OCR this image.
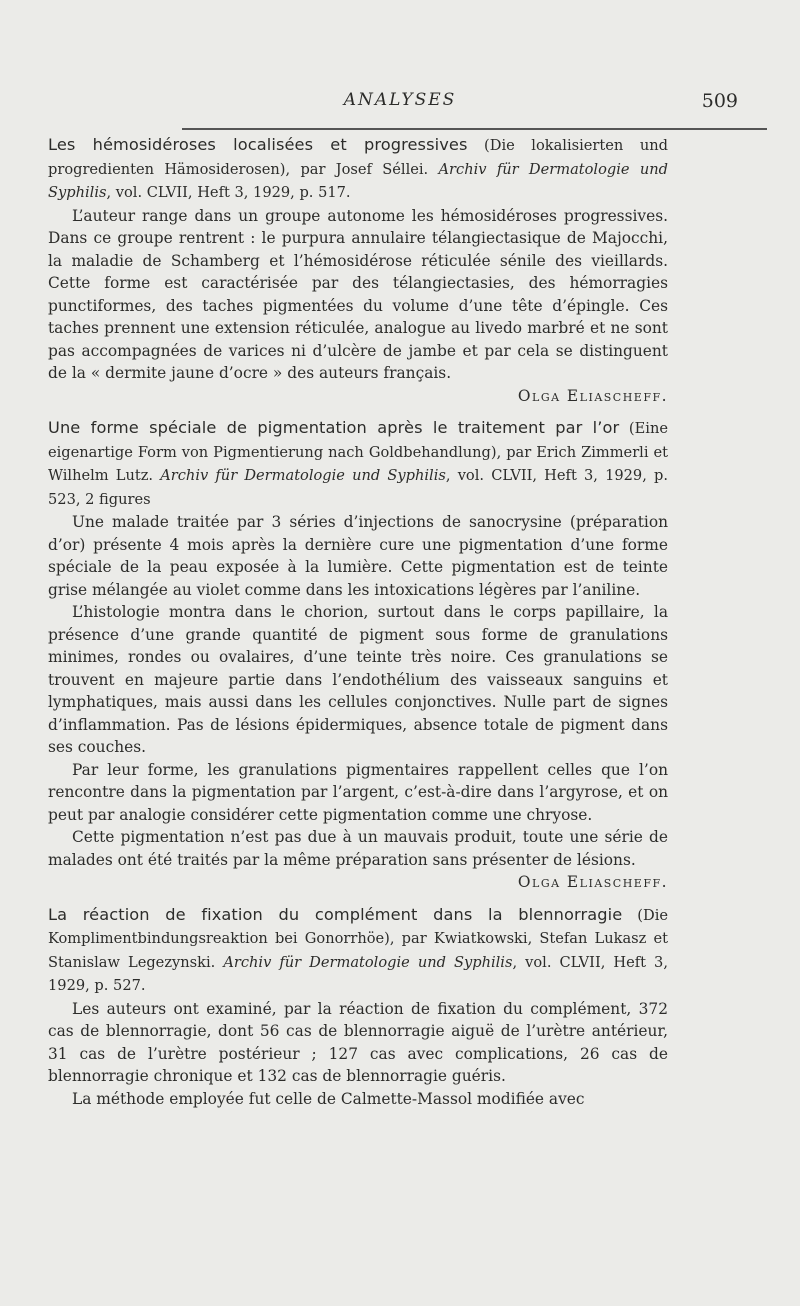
ANALYSES	509

Les hémosidéroses localisées et progressives (Die lokalisierten und progredienten Hämosiderosen), par Josef Séllei. Archiv für Dermatologie und Syphilis, vol. CLVII, Heft 3, 1929, p. 517.

L’auteur range dans un groupe autonome les hémosidéroses progressives. Dans ce groupe rentrent : le purpura annulaire télangiectasique de Majocchi, la maladie de Schamberg et l’hémosidérose réticulée sénile des vieillards. Cette forme est caractérisée par des télangiectasies, des hémorragies punctiformes, des taches pigmentées du volume d’une tête d’épingle. Ces taches prennent une extension réticulée, analogue au livedo marbré et ne sont pas accompagnées de varices ni d’ulcère de jambe et par cela se distinguent de la « dermite jaune d’ocre » des auteurs français.

Olga Eliascheff.

Une forme spéciale de pigmentation après le traitement par l’or (Eine eigenartige Form von Pigmentierung nach Goldbehandlung), par Erich Zimmerli et Wilhelm Lutz. Archiv für Dermatologie und Syphilis, vol. CLVII, Heft 3, 1929, p. 523, 2 figures

Une malade traitée par 3 séries d’injections de sanocrysine (préparation d’or) présente 4 mois après la dernière cure une pigmentation d’une forme spéciale de la peau exposée à la lumière. Cette pigmentation est de teinte grise mélangée au violet comme dans les intoxications légères par l’aniline.

L’histologie montra dans le chorion, surtout dans le corps papillaire, la présence d’une grande quantité de pigment sous forme de granulations minimes, rondes ou ovalaires, d’une teinte très noire. Ces granulations se trouvent en majeure partie dans l’endothélium des vaisseaux sanguins et lymphatiques, mais aussi dans les cellules conjonctives. Nulle part de signes d’inflammation. Pas de lésions épidermiques, absence totale de pigment dans ses couches.

Par leur forme, les granulations pigmentaires rappellent celles que l’on rencontre dans la pigmentation par l’argent, c’est-à-dire dans l’argyrose, et on peut par analogie considérer cette pigmentation comme une chryose.

Cette pigmentation n’est pas due à un mauvais produit, toute une série de malades ont été traités par la même préparation sans présenter de lésions.

Olga Eliascheff.

La réaction de fixation du complément dans la blennorragie (Die Komplimentbindungsreaktion bei Gonorrhöe), par Kwiatkowski, Stefan Lukasz et Stanislaw Legezynski. Archiv für Dermatologie und Syphilis, vol. CLVII, Heft 3, 1929, p. 527.

Les auteurs ont examiné, par la réaction de fixation du complément, 372 cas de blennorragie, dont 56 cas de blennorragie aiguë de l’urètre antérieur, 31 cas de l’urètre postérieur ; 127 cas avec complications, 26 cas de blennorragie chronique et 132 cas de blennorragie guéris.

La méthode employée fut celle de Calmette-Massol modifiée avec
